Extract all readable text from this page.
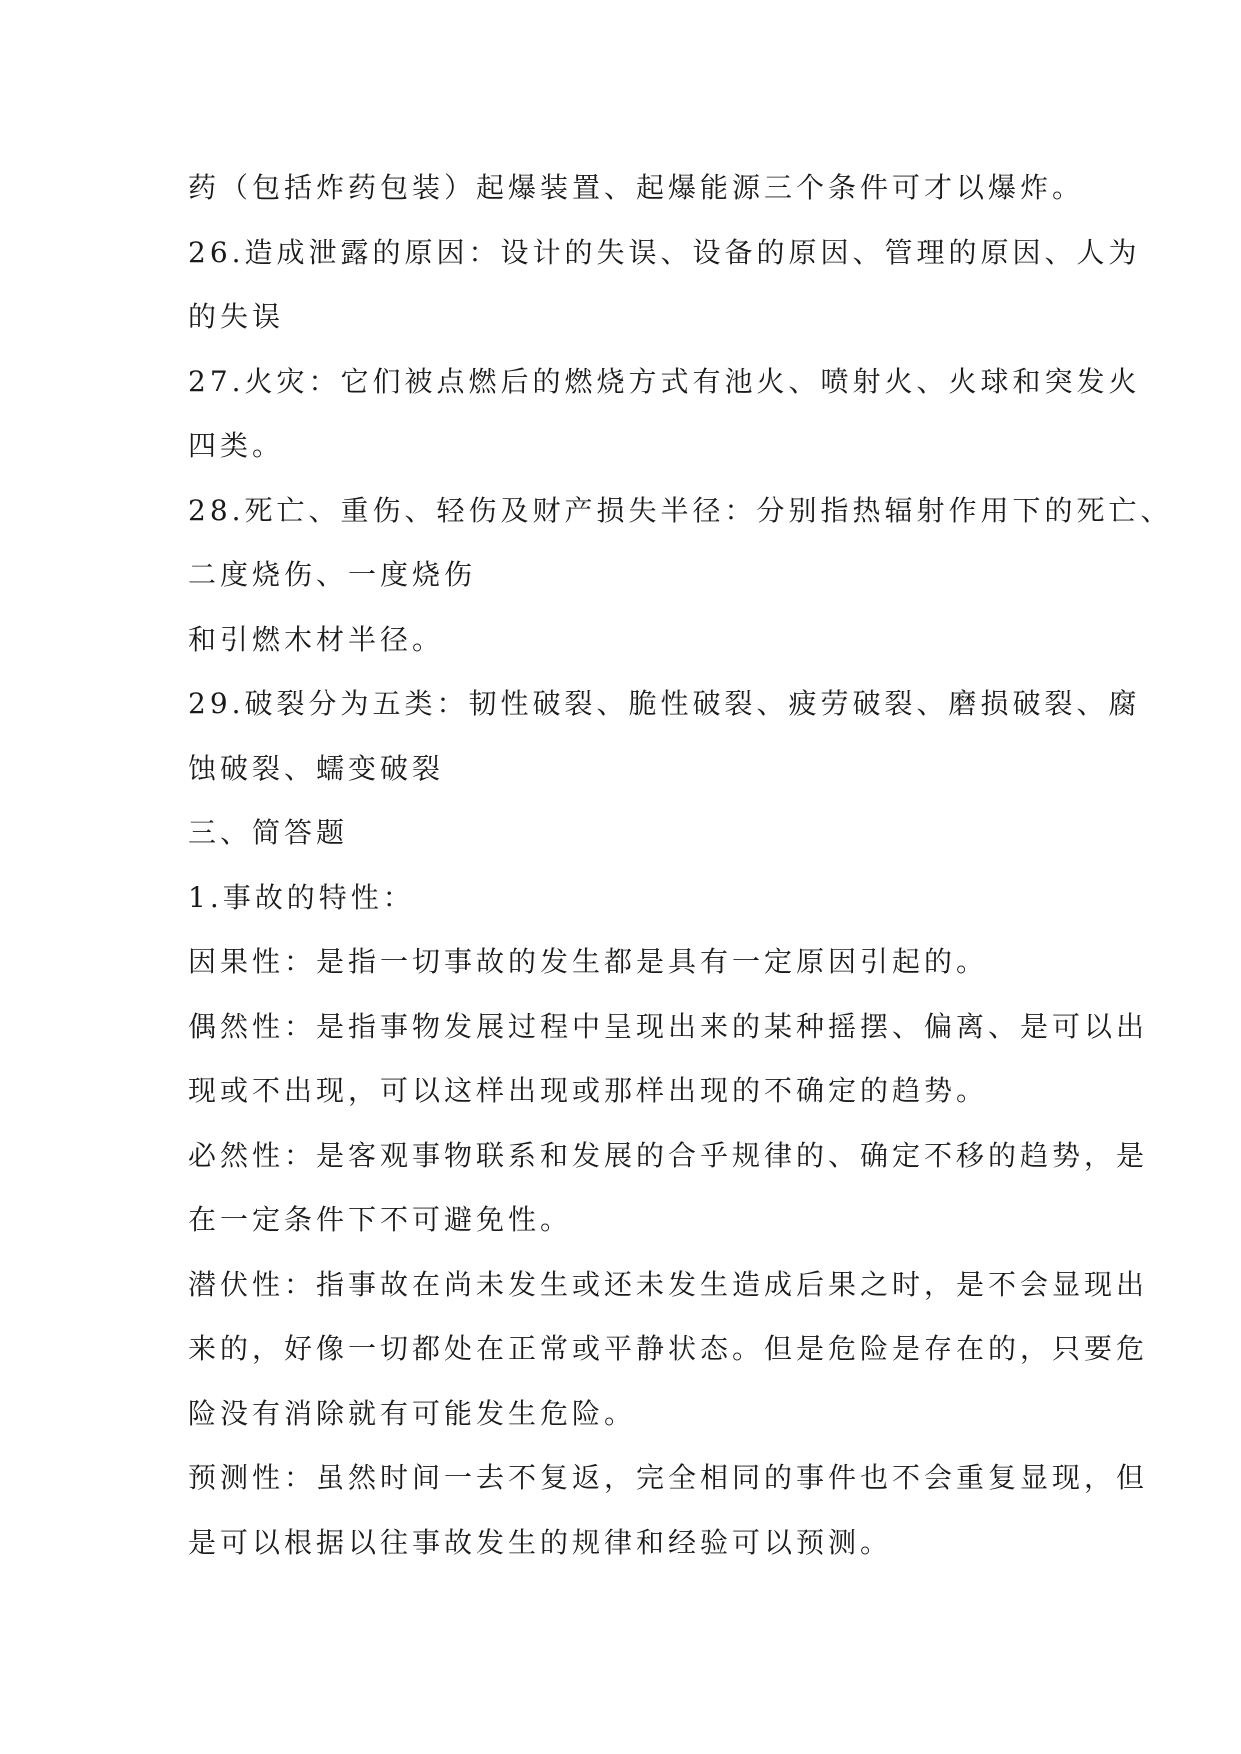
药（包括炸药包装）起爆装置、起爆能源三个条件可才以爆炸。
26.造成泄露的原因：设计的失误、设备的原因、管理的原因、人为
的失误
27.火灾：它们被点燃后的燃烧方式有池火、喷射火、火球和突发火
四类。
28.死亡、重伤、轻伤及财产损失半径：分别指热辐射作用下的死亡、
二度烧伤、一度烧伤
和引燃木材半径。
29.破裂分为五类：韧性破裂、脆性破裂、疲劳破裂、磨损破裂、腐
蚀破裂、蠕变破裂
三、简答题
1.事故的特性：
因果性：是指一切事故的发生都是具有一定原因引起的。
偶然性：是指事物发展过程中呈现出来的某种摇摆、偏离、是可以出
现或不出现，可以这样出现或那样出现的不确定的趋势。
必然性：是客观事物联系和发展的合乎规律的、确定不移的趋势，是
在一定条件下不可避免性。
潜伏性：指事故在尚未发生或还未发生造成后果之时，是不会显现出
来的，好像一切都处在正常或平静状态。但是危险是存在的，只要危
险没有消除就有可能发生危险。
预测性：虽然时间一去不复返，完全相同的事件也不会重复显现，但
是可以根据以往事故发生的规律和经验可以预测。
